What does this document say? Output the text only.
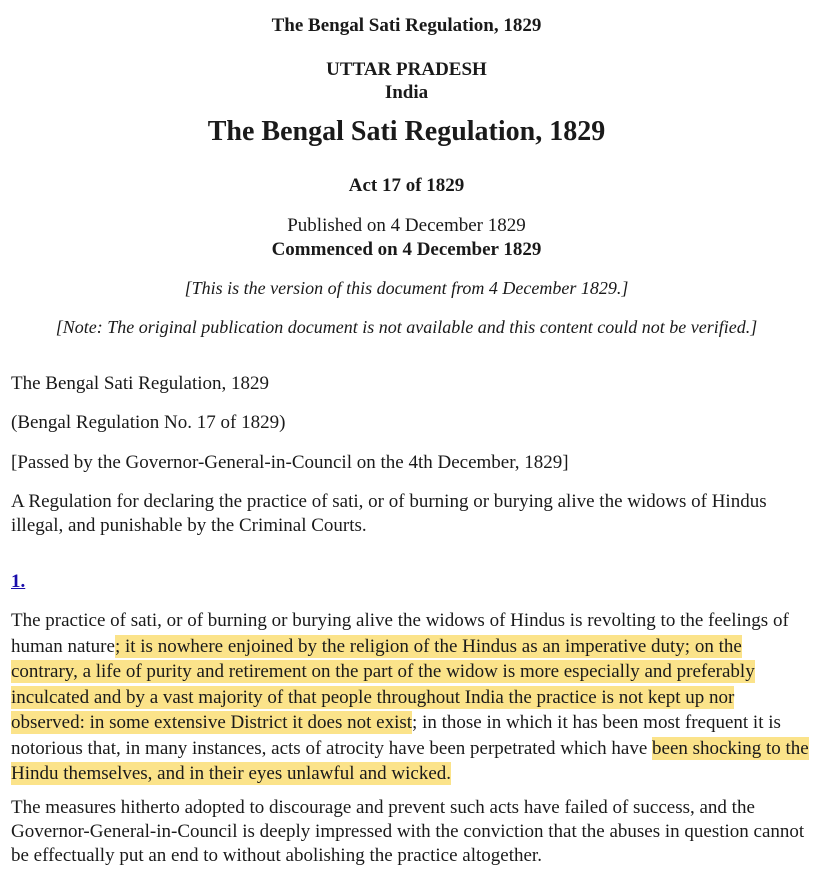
The Bengal Sati Regulation, 1829
UTTAR PRADESH
India
The Bengal Sati Regulation, 1829
Act 17 of 1829
Published on 4 December 1829
Commenced on 4 December 1829
[This is the version of this document from 4 December 1829.]
[Note: The original publication document is not available and this content could not be verified.]
The Bengal Sati Regulation, 1829
(Bengal Regulation No. 17 of 1829)
[Passed by the Governor-General-in-Council on the 4th December, 1829]
A Regulation for declaring the practice of sati, or of burning or burying alive the widows of Hindus illegal, and punishable by the Criminal Courts.
1.
The practice of sati, or of burning or burying alive the widows of Hindus is revolting to the feelings of human nature; it is nowhere enjoined by the religion of the Hindus as an imperative duty; on the contrary, a life of purity and retirement on the part of the widow is more especially and preferably inculcated and by a vast majority of that people throughout India the practice is not kept up nor observed: in some extensive District it does not exist; in those in which it has been most frequent it is notorious that, in many instances, acts of atrocity have been perpetrated which have been shocking to the Hindu themselves, and in their eyes unlawful and wicked.
The measures hitherto adopted to discourage and prevent such acts have failed of success, and the Governor-General-in-Council is deeply impressed with the conviction that the abuses in question cannot be effectually put an end to without abolishing the practice altogether.
